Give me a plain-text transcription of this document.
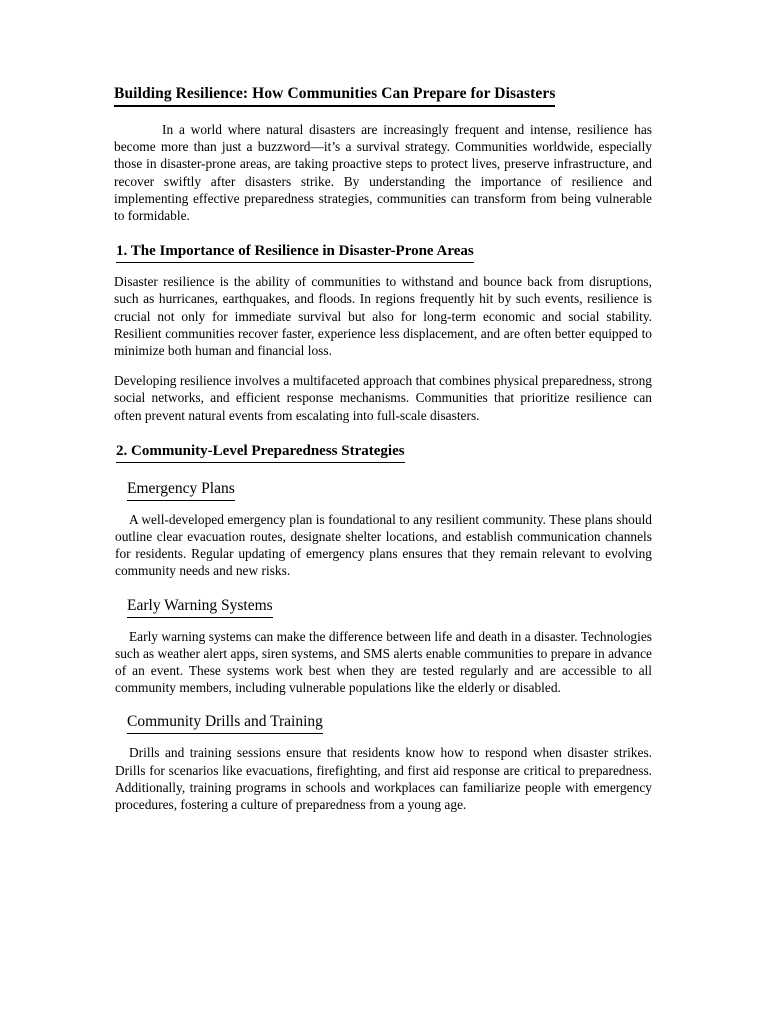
Building Resilience: How Communities Can Prepare for Disasters

In a world where natural disasters are increasingly frequent and intense, resilience has become more than just a buzzword—it’s a survival strategy. Communities worldwide, especially those in disaster-prone areas, are taking proactive steps to protect lives, preserve infrastructure, and recover swiftly after disasters strike. By understanding the importance of resilience and implementing effective preparedness strategies, communities can transform from being vulnerable to formidable.

1. The Importance of Resilience in Disaster-Prone Areas

Disaster resilience is the ability of communities to withstand and bounce back from disruptions, such as hurricanes, earthquakes, and floods. In regions frequently hit by such events, resilience is crucial not only for immediate survival but also for long-term economic and social stability. Resilient communities recover faster, experience less displacement, and are often better equipped to minimize both human and financial loss.

Developing resilience involves a multifaceted approach that combines physical preparedness, strong social networks, and efficient response mechanisms. Communities that prioritize resilience can often prevent natural events from escalating into full-scale disasters.

2. Community-Level Preparedness Strategies
Emergency Plans

A well-developed emergency plan is foundational to any resilient community. These plans should outline clear evacuation routes, designate shelter locations, and establish communication channels for residents. Regular updating of emergency plans ensures that they remain relevant to evolving community needs and new risks.

Early Warning Systems

Early warning systems can make the difference between life and death in a disaster. Technologies such as weather alert apps, siren systems, and SMS alerts enable communities to prepare in advance of an event. These systems work best when they are tested regularly and are accessible to all community members, including vulnerable populations like the elderly or disabled.

Community Drills and Training

Drills and training sessions ensure that residents know how to respond when disaster strikes. Drills for scenarios like evacuations, firefighting, and first aid response are critical to preparedness. Additionally, training programs in schools and workplaces can familiarize people with emergency procedures, fostering a culture of preparedness from a young age.
